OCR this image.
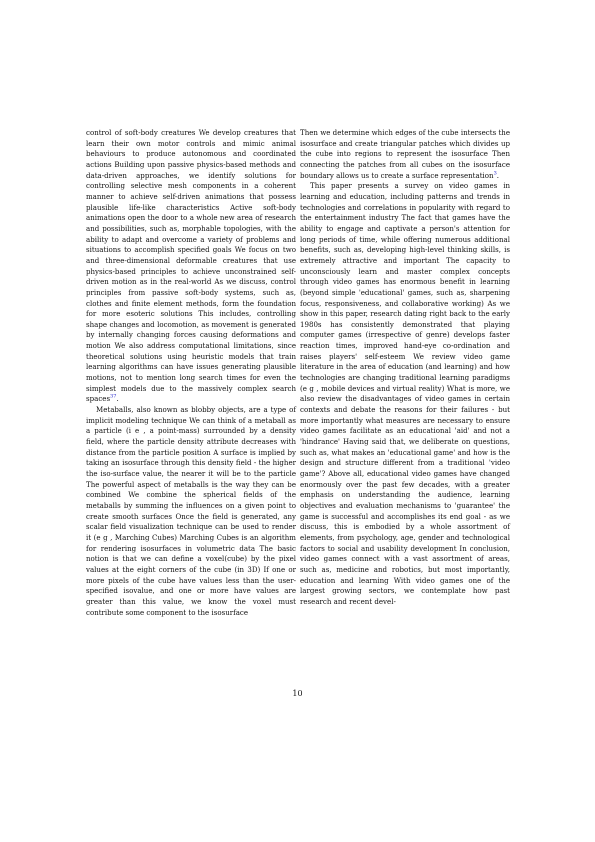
control of soft-body creatures We develop creatures that learn their own motor controls and mimic animal behaviours to produce autonomous and coordinated actions Building upon passive physics-based methods and data-driven approaches, we identify solutions for controlling selective mesh components in a coherent manner to achieve self-driven animations that possess plausible life-like characteristics Active soft-body animations open the door to a whole new area of research and possibilities, such as, morphable topologies, with the ability to adapt and overcome a variety of problems and situations to accomplish specified goals We focus on two and three-dimensional deformable creatures that use physics-based principles to achieve unconstrained self-driven motion as in the real-world As we discuss, control principles from passive soft-body systems, such as, clothes and finite element methods, form the foundation for more esoteric solutions This includes, controlling shape changes and locomotion, as movement is generated by internally changing forces causing deformations and motion We also address computational limitations, since theoretical solutions using heuristic models that train learning algorithms can have issues generating plausible motions, not to mention long search times for even the simplest models due to the massively complex search spaces$^{37}$.

Metaballs, also known as blobby objects, are a type of implicit modeling technique We can think of a metaball as a particle (i e , a point-mass) surrounded by a density field, where the particle density attribute decreases with distance from the particle position A surface is implied by taking an isosurface through this density field - the higher the iso-surface value, the nearer it will be to the particle The powerful aspect of metaballs is the way they can be combined We combine the spherical fields of the metaballs by summing the influences on a given point to create smooth surfaces Once the field is generated, any scalar field visualization technique can be used to render it (e g , Marching Cubes) Marching Cubes is an algorithm for rendering isosurfaces in volumetric data The basic notion is that we can define a voxel(cube) by the pixel values at the eight corners of the cube (in 3D) If one or more pixels of the cube have values less than the user-specified isovalue, and one or more have values are greater than this value, we know the voxel must contribute some component to the isosurface

Then we determine which edges of the cube intersects the isosurface and create triangular patches which divides up the cube into regions to represent the isosurface Then connecting the patches from all cubes on the isosurface boundary allows us to create a surface representation$^3$.

This paper presents a survey on video games in learning and education, including patterns and trends in technologies and correlations in popularity with regard to the entertainment industry The fact that games have the ability to engage and captivate a person's attention for long periods of time, while offering numerous additional benefits, such as, developing high-level thinking skills, is extremely attractive and important The capacity to unconsciously learn and master complex concepts through video games has enormous benefit in learning (beyond simple 'educational' games, such as, sharpening focus, responsiveness, and collaborative working) As we show in this paper, research dating right back to the early 1980s has consistently demonstrated that playing computer games (irrespective of genre) develops faster reaction times, improved hand-eye co-ordination and raises players' self-esteem We review video game literature in the area of education (and learning) and how technologies are changing traditional learning paradigms (e g , mobile devices and virtual reality) What is more, we also review the disadvantages of video games in certain contexts and debate the reasons for their failures - but more importantly what measures are necessary to ensure video games facilitate as an educational 'aid' and not a 'hindrance' Having said that, we deliberate on questions, such as, what makes an 'educational game' and how is the design and structure different from a traditional 'video game'? Above all, educational video games have changed enormously over the past few decades, with a greater emphasis on understanding the audience, learning objectives and evaluation mechanisms to 'guarantee' the game is successful and accomplishes its end goal - as we discuss, this is embodied by a whole assortment of elements, from psychology, age, gender and technological factors to social and usability development In conclusion, video games connect with a vast assortment of areas, such as, medicine and robotics, but most importantly, education and learning With video games one of the largest growing sectors, we contemplate how past research and recent devel-

10
